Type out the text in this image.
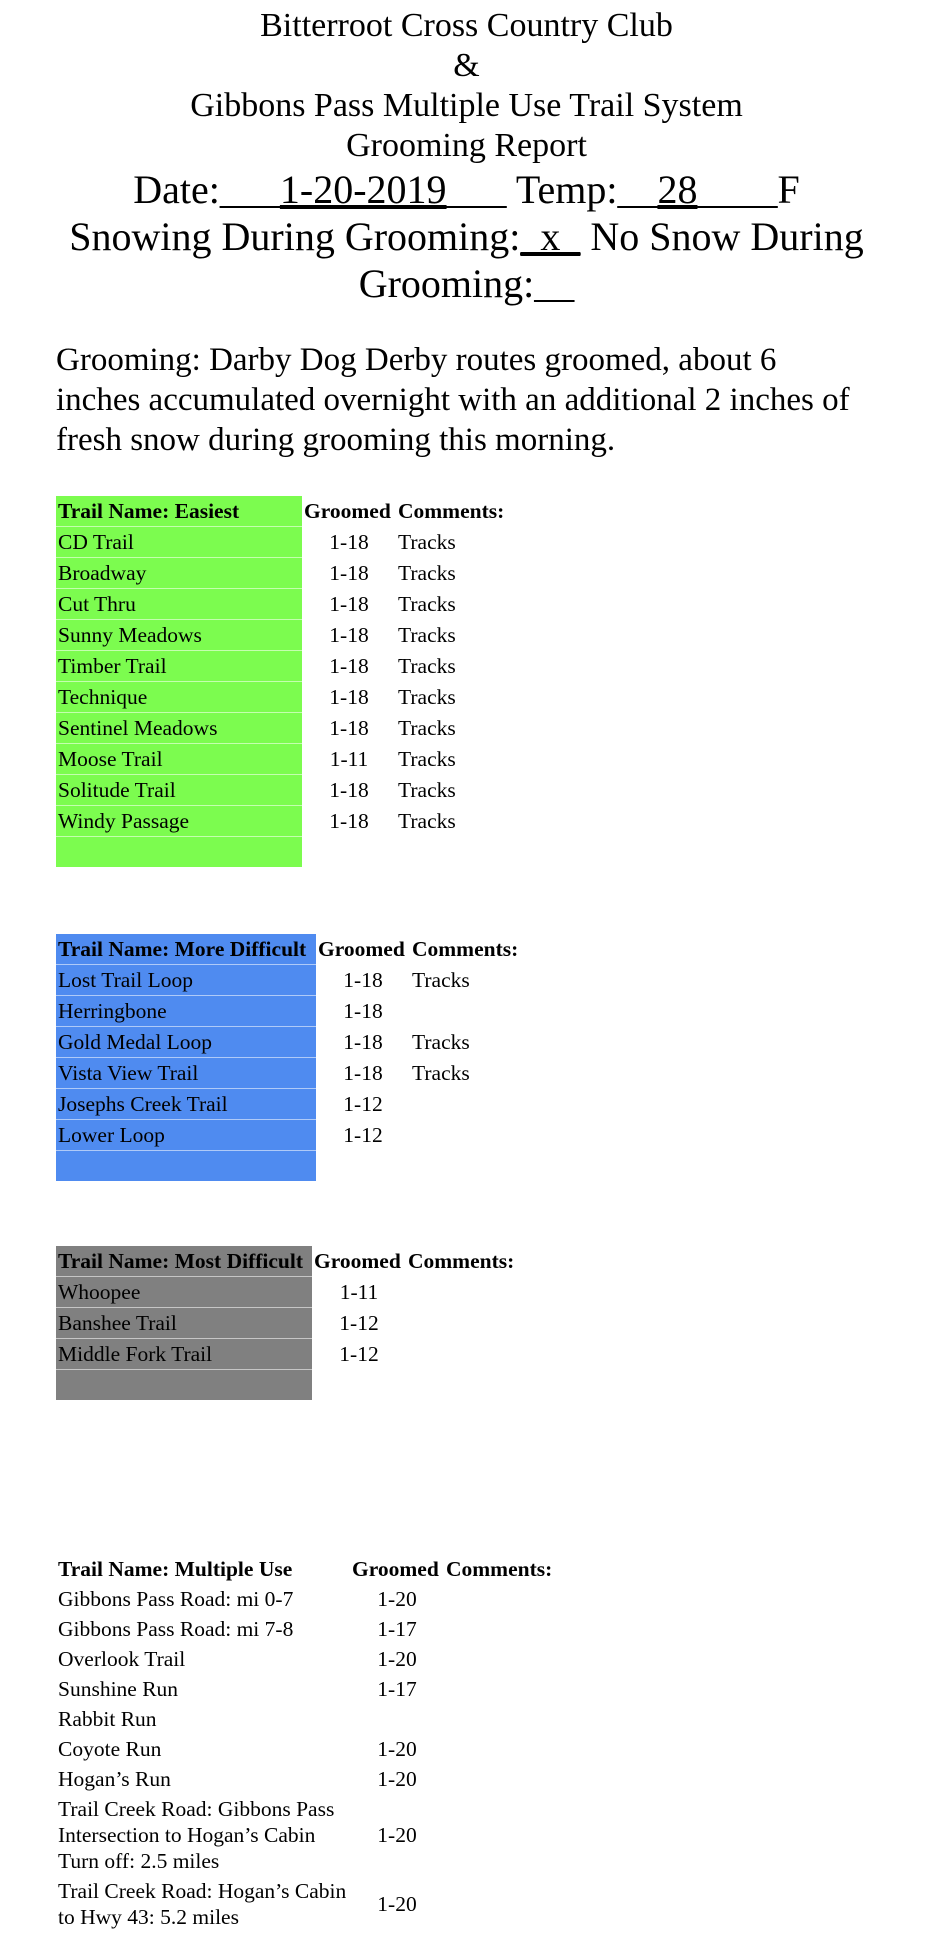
Bitterroot Cross Country Club
&
Gibbons Pass Multiple Use Trail System
Grooming Report
Date:___1-20-2019___ Temp:__28____F
Snowing During Grooming:_x_ No Snow During
Grooming:__
Grooming: Darby Dog Derby routes groomed, about 6 inches accumulated overnight with an additional 2 inches of fresh snow during grooming this morning.
Trail Name: Easiest	Groomed	Comments:
CD Trail	1-18	Tracks
Broadway	1-18	Tracks
Cut Thru	1-18	Tracks
Sunny Meadows	1-18	Tracks
Timber Trail	1-18	Tracks
Technique	1-18	Tracks
Sentinel Meadows	1-18	Tracks
Moose Trail	1-11	Tracks
Solitude Trail	1-18	Tracks
Windy Passage	1-18	Tracks

Trail Name: More Difficult	Groomed	Comments:
Lost Trail Loop	1-18	Tracks
Herringbone	1-18	
Gold Medal Loop	1-18	Tracks
Vista View Trail	1-18	Tracks
Josephs Creek Trail	1-12	
Lower Loop	1-12	

Trail Name: Most Difficult	Groomed	Comments:
Whoopee	1-11	
Banshee Trail	1-12	
Middle Fork Trail	1-12	

Trail Name: Multiple Use	Groomed	Comments:
Gibbons Pass Road: mi 0-7	1-20	
Gibbons Pass Road: mi 7-8	1-17	
Overlook Trail	1-20	
Sunshine Run	1-17	
Rabbit Run		
Coyote Run	1-20	
Hogan’s Run	1-20	
Trail Creek Road: Gibbons Pass Intersection to Hogan’s Cabin Turn off: 2.5 miles	1-20	
Trail Creek Road: Hogan’s Cabin to Hwy 43: 5.2 miles	1-20	
